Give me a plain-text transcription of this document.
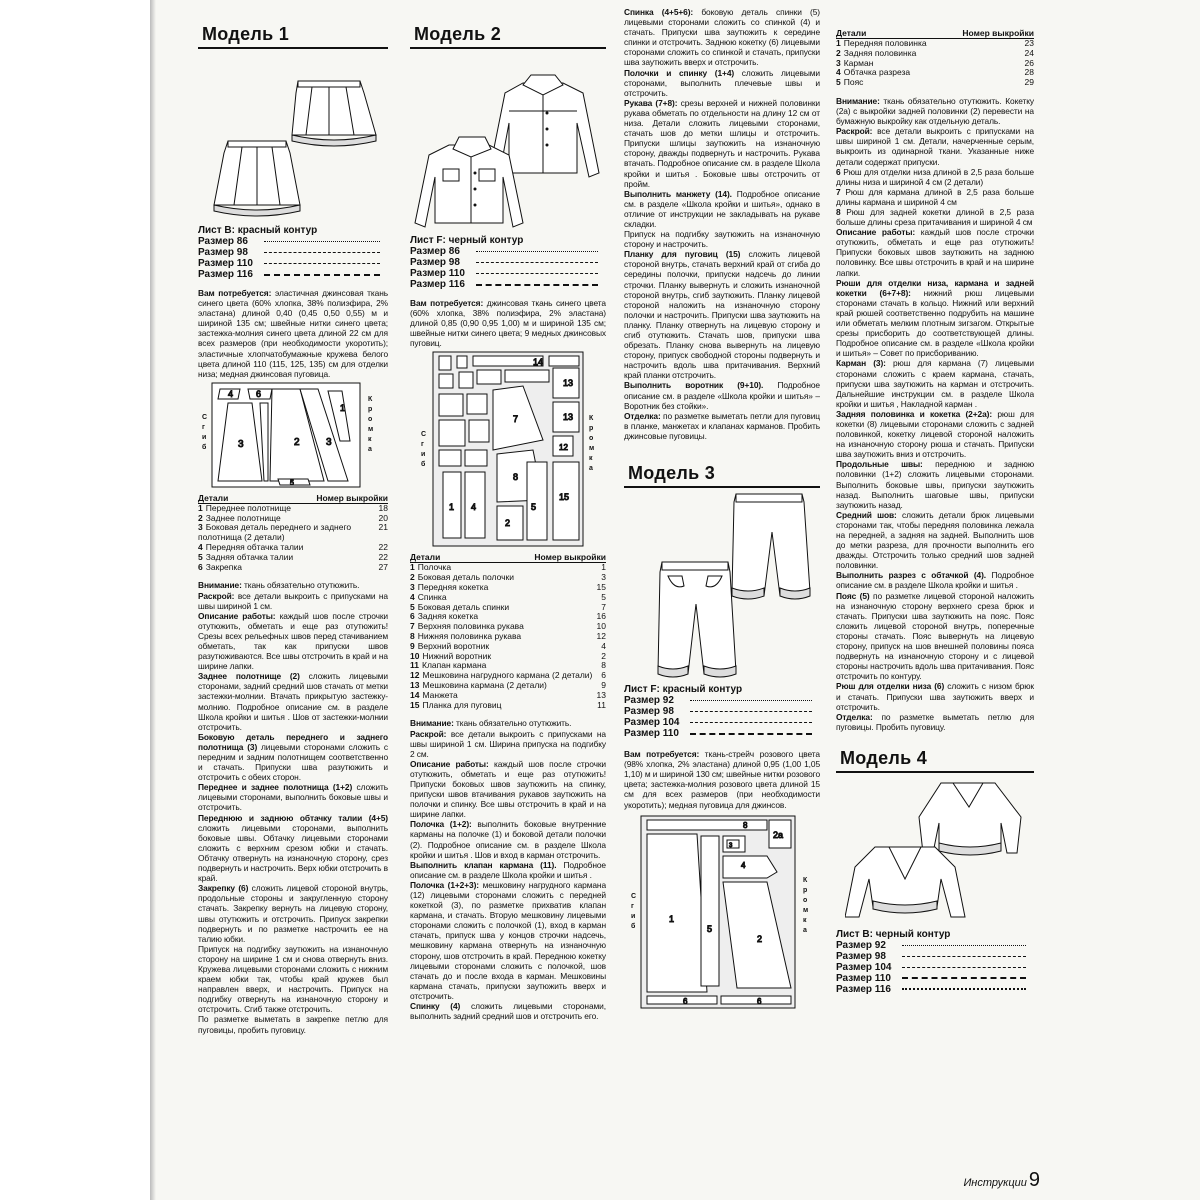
Модель 1
Лист В: красный контур
Размер 86
Размер 98
Размер 110
Размер 116

Вам потребуется: эластичная джинсовая ткань синего цвета (60% хлопка, 38% полиэфира, 2% эластана) длиной 0,40 (0,45 0,50 0,55) м и шириной 135 см; швейные нитки синего цвета; застежка-молния синего цвета длиной 22 см для всех размеров (при необходимости укоротить); эластичные хлопчатобумажные кружева белого цвета длиной 110 (115, 125, 135) см для отделки низа; медная джинсовая пуговица.

4	6
3	2	3
5
1
С
г
и
б
К
р
о
м
к
а
Детали	Номер выкройки
1 Переднее полотнище	18
2 Заднее полотнище	20
3 Боковая деталь переднего и заднего полотнища (2 детали)
21
4 Передняя обтачка талии	22
5 Задняя обтачка талии	22
6 Закрепка	27

Внимание: ткань обязательно отутюжить.

Раскрой: все детали выкроить с припусками на швы шириной 1 см.

Описание работы: каждый шов после строчки отутюжить, обметать и еще раз отутюжить! Срезы всех рельефных швов перед стачиванием обметать, так как припуски швов разутюживаются. Все швы отстрочить в край и на ширине лапки.

Заднее полотнище (2) сложить лицевыми сторонами, задний средний шов стачать от метки застежки-молнии. Втачать прикрытую застежку-молнию. Подробное описание см. в разделе Школа кройки и шитья . Шов от застежки-молнии отстрочить.

Боковую деталь переднего и заднего полотнища (3) лицевыми сторонами сложить с передним и задним полотнищем соответственно и стачать. Припуски шва разутюжить и отстрочить с обеих сторон.

Переднее и заднее полотнища (1+2) сложить лицевыми сторонами, выполнить боковые швы и отстрочить.

Переднюю и заднюю обтачку талии (4+5) сложить лицевыми сторонами, выполнить боковые швы. Обтачку лицевыми сторонами сложить с верхним срезом юбки и стачать. Обтачку отвернуть на изнаночную сторону, срез подвернуть и настрочить. Верх юбки отстрочить в край.

Закрепку (6) сложить лицевой стороной внутрь, продольные стороны и закругленную сторону стачать. Закрепку вернуть на лицевую сторону, швы отутюжить и отстрочить. Припуск закрепки подвернуть и по разметке настрочить ее на талию юбки.

Припуск на подгибку заутюжить на изнаночную сторону на ширине 1 см и снова отвернуть вниз. Кружева лицевыми сторонами сложить с нижним краем юбки так, чтобы край кружев был направлен вверх, и настрочить. Припуск на подгибку отвернуть на изнаночную сторону и отстрочить. Сгиб также отстрочить.

По разметке выметать в закрепке петлю для пуговицы, пробить пуговицу.

Модель 2
Лист F: черный контур
Размер 86
Размер 98
Размер 110
Размер 116

Вам потребуется: джинсовая ткань синего цвета (60% хлопка, 38% полиэфира, 2% эластана) длиной 0,85 (0,90 0,95 1,00) м и шириной 135 см; швейные нитки синего цвета; 9 медных джинсовых пуговиц.

14
13
7	13
12
8
1 4
2
5
15
С
г
и
б
К
р
о
м
к
а
Детали	Номер выкройки
1 Полочка	1
2 Боковая деталь полочки	3
3 Передняя кокетка	15
4 Спинка	5
5 Боковая деталь спинки	7
6 Задняя кокетка	16
7 Верхняя половинка рукава	10
8 Нижняя половинка рукава	12
9 Верхний воротник	4
10 Нижний воротник	2
11 Клапан кармана	8
12 Мешковина нагрудного кармана (2 детали) 6
13 Мешковина кармана (2 детали)	9
14 Манжета	13
15 Планка для пуговиц	11

Внимание: ткань обязательно отутюжить.

Раскрой: все детали выкроить с припусками на швы шириной 1 см. Ширина припуска на подгибку 2 см.

Описание работы: каждый шов после строчки отутюжить, обметать и еще раз отутюжить! Припуски боковых швов заутюжить на спинку, припуски швов втачивания рукавов заутюжить на полочки и спинку. Все швы отстрочить в край и на ширине лапки.

Полочка (1+2): выполнить боковые внутренние карманы на полочке (1) и боковой детали полочки (2). Подробное описание см. в разделе Школа кройки и шитья . Шов и вход в карман отстрочить.

Выполнить клапан кармана (11). Подробное описание см. в разделе Школа кройки и шитья .

Полочка (1+2+3): мешковину нагрудного кармана (12) лицевыми сторонами сложить с передней кокеткой (3), по разметке прихватив клапан кармана, и стачать. Вторую мешковину лицевыми сторонами сложить с полочкой (1), вход в карман стачать, припуск шва у концов строчки надсечь, мешковину кармана отвернуть на изнаночную сторону, шов отстрочить в край. Переднюю кокетку лицевыми сторонами сложить с полочкой, шов стачать до и после входа в карман. Мешковины кармана стачать, припуски заутюжить вверх и отстрочить.

Спинку (4) сложить лицевыми сторонами, выполнить задний средний шов и отстрочить его.

Спинка (4+5+6): боковую деталь спинки (5) лицевыми сторонами сложить со спинкой (4) и стачать. Припуски шва заутюжить к середине спинки и отстрочить. Заднюю кокетку (6) лицевыми сторонами сложить со спинкой и стачать, припуски шва заутюжить вверх и отстрочить.

Полочки и спинку (1+4) сложить лицевыми сторонами, выполнить плечевые швы и отстрочить.

Рукава (7+8): срезы верхней и нижней половинки рукава обметать по отдельности на длину 12 см от низа. Детали сложить лицевыми сторонами, стачать шов до метки шлицы и отстрочить. Припуски шлицы заутюжить на изнаночную сторону, дважды подвернуть и настрочить. Рукава втачать. Подробное описание см. в разделе Школа кройки и шитья . Боковые швы отстрочить от пройм.

Выполнить манжету (14). Подробное описание см. в разделе «Школа кройки и шитья», однако в отличие от инструкции не закладывать на рукаве складки.

Припуск на подгибку заутюжить на изнаночную сторону и настрочить.

Планку для пуговиц (15) сложить лицевой стороной внутрь, стачать верхний край от сгиба до середины полочки, припуски надсечь до линии строчки. Планку вывернуть и сложить изнаночной стороной внутрь, сгиб заутюжить. Планку лицевой стороной наложить на изнаночную сторону полочки и настрочить. Припуски шва заутюжить на планку. Планку отвернуть на лицевую сторону и сгиб отутюжить. Стачать шов, припуски шва обрезать. Планку снова вывернуть на лицевую сторону, припуск свободной стороны подвернуть и настрочить вдоль шва притачивания. Верхний край планки отстрочить.

Выполнить воротник (9+10). Подробное описание см. в разделе «Школа кройки и шитья» – Воротник без стойки».

Отделка: по разметке выметать петли для пуговиц в планке, манжетах и клапанах карманов. Пробить джинсовые пуговицы.

Модель 3
Лист F: красный контур
Размер 92
Размер 98
Размер 104
Размер 110

Вам потребуется: ткань-стрейч розового цвета (98% хлопка, 2% эластана) длиной 0,95 (1,00 1,05 1,10) м и шириной 130 см; швейные нитки розового цвета; застежка-молния розового цвета длиной 15 см для всех размеров (при необходимости укоротить); медная пуговица для джинсов.

8
2а
1
5
2
6	6
3
4
С
г
и
б
К
р
о
м
к
а
Детали	Номер выкройки
1 Передняя половинка	23
2 Задняя половинка	24
3 Карман	26
4 Обтачка разреза	28
5 Пояс	29

Внимание: ткань обязательно отутюжить. Кокетку (2а) с выкройки задней половинки (2) перевести на бумажную выкройку как отдельную деталь.

Раскрой: все детали выкроить с припусками на швы шириной 1 см. Детали, начерченные серым, выкроить из одинарной ткани. Указанные ниже детали содержат припуски.

6 Рюш для отделки низа длиной в 2,5 раза больше длины низа и шириной 4 см (2 детали)

7 Рюш для кармана длиной в 2,5 раза больше длины кармана и шириной 4 см

8 Рюш для задней кокетки длиной в 2,5 раза больше длины среза притачивания и шириной 4 см

Описание работы: каждый шов после строчки отутюжить, обметать и еще раз отутюжить! Припуски боковых швов заутюжить на заднюю половинку. Все швы отстрочить в край и на ширине лапки.

Рюши для отделки низа, кармана и задней кокетки (6+7+8): нижний рюш лицевыми сторонами стачать в кольцо. Нижний или верхний край рюшей соответственно подрубить на машине или обметать мелким плотным зигзагом. Открытые срезы присборить до соответствующей длины. Подробное описание см. в разделе «Школа кройки и шитья» – Совет по присбориванию.

Карман (3): рюш для кармана (7) лицевыми сторонами сложить с краем кармана, стачать, припуски шва заутюжить на карман и отстрочить. Дальнейшие инструкции см. в разделе Школа кройки и шитья , Накладной карман .

Задняя половинка и кокетка (2+2а): рюш для кокетки (8) лицевыми сторонами сложить с задней половинкой, кокетку лицевой стороной наложить на изнаночную сторону рюша и стачать. Припуски шва заутюжить вниз и отстрочить.

Продольные швы: переднюю и заднюю половинки (1+2) сложить лицевыми сторонами. Выполнить боковые швы, припуски заутюжить назад. Выполнить шаговые швы, припуски заутюжить назад.

Средний шов: сложить детали брюк лицевыми сторонами так, чтобы передняя половинка лежала на передней, а задняя на задней. Выполнить шов до метки разреза, для прочности выполнить его дважды. Отстрочить только средний шов задней половинки.

Выполнить разрез с обтачкой (4). Подробное описание см. в разделе Школа кройки и шитья .

Пояс (5) по разметке лицевой стороной наложить на изнаночную сторону верхнего среза брюк и стачать. Припуски шва заутюжить на пояс. Пояс сложить лицевой стороной внутрь, поперечные стороны стачать. Пояс вывернуть на лицевую сторону, припуск на шов внешней половины пояса подвернуть на изнаночную сторону и с лицевой стороны настрочить вдоль шва притачивания. Пояс отстрочить по контуру.

Рюш для отделки низа (6) сложить с низом брюк и стачать. Припуски шва заутюжить вверх и отстрочить.

Отделка: по разметке выметать петлю для пуговицы. Пробить пуговицу.

Модель 4
Лист В: черный контур
Размер 92
Размер 98
Размер 104
Размер 110
Размер 116
Инструкции 9
